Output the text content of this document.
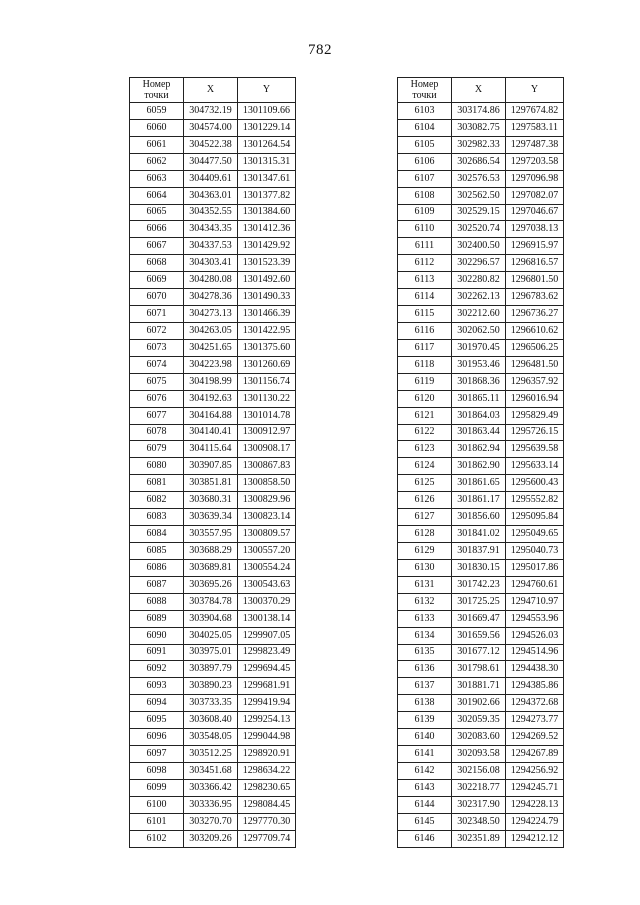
782
Номер
точки	X	Y
6059	304732.19	1301109.66
6060	304574.00	1301229.14
6061	304522.38	1301264.54
6062	304477.50	1301315.31
6063	304409.61	1301347.61
6064	304363.01	1301377.82
6065	304352.55	1301384.60
6066	304343.35	1301412.36
6067	304337.53	1301429.92
6068	304303.41	1301523.39
6069	304280.08	1301492.60
6070	304278.36	1301490.33
6071	304273.13	1301466.39
6072	304263.05	1301422.95
6073	304251.65	1301375.60
6074	304223.98	1301260.69
6075	304198.99	1301156.74
6076	304192.63	1301130.22
6077	304164.88	1301014.78
6078	304140.41	1300912.97
6079	304115.64	1300908.17
6080	303907.85	1300867.83
6081	303851.81	1300858.50
6082	303680.31	1300829.96
6083	303639.34	1300823.14
6084	303557.95	1300809.57
6085	303688.29	1300557.20
6086	303689.81	1300554.24
6087	303695.26	1300543.63
6088	303784.78	1300370.29
6089	303904.68	1300138.14
6090	304025.05	1299907.05
6091	303975.01	1299823.49
6092	303897.79	1299694.45
6093	303890.23	1299681.91
6094	303733.35	1299419.94
6095	303608.40	1299254.13
6096	303548.05	1299044.98
6097	303512.25	1298920.91
6098	303451.68	1298634.22
6099	303366.42	1298230.65
6100	303336.95	1298084.45
6101	303270.70	1297770.30
6102	303209.26	1297709.74
Номер
точки	X	Y
6103	303174.86	1297674.82
6104	303082.75	1297583.11
6105	302982.33	1297487.38
6106	302686.54	1297203.58
6107	302576.53	1297096.98
6108	302562.50	1297082.07
6109	302529.15	1297046.67
6110	302520.74	1297038.13
6111	302400.50	1296915.97
6112	302296.57	1296816.57
6113	302280.82	1296801.50
6114	302262.13	1296783.62
6115	302212.60	1296736.27
6116	302062.50	1296610.62
6117	301970.45	1296506.25
6118	301953.46	1296481.50
6119	301868.36	1296357.92
6120	301865.11	1296016.94
6121	301864.03	1295829.49
6122	301863.44	1295726.15
6123	301862.94	1295639.58
6124	301862.90	1295633.14
6125	301861.65	1295600.43
6126	301861.17	1295552.82
6127	301856.60	1295095.84
6128	301841.02	1295049.65
6129	301837.91	1295040.73
6130	301830.15	1295017.86
6131	301742.23	1294760.61
6132	301725.25	1294710.97
6133	301669.47	1294553.96
6134	301659.56	1294526.03
6135	301677.12	1294514.96
6136	301798.61	1294438.30
6137	301881.71	1294385.86
6138	301902.66	1294372.68
6139	302059.35	1294273.77
6140	302083.60	1294269.52
6141	302093.58	1294267.89
6142	302156.08	1294256.92
6143	302218.77	1294245.71
6144	302317.90	1294228.13
6145	302348.50	1294224.79
6146	302351.89	1294212.12
